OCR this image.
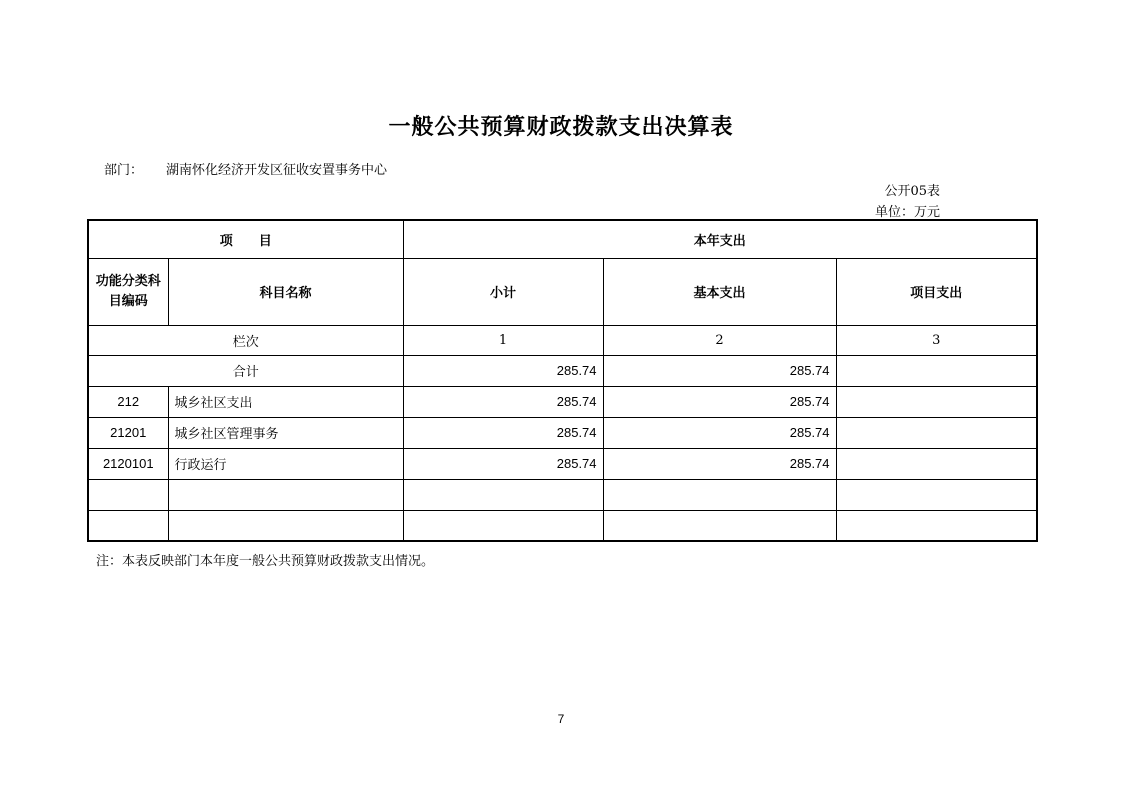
一般公共预算财政拨款支出决算表
部门： 湖南怀化经济开发区征收安置事务中心
公开05表
单位：万元
项　　目		本年支出		
功能分类科目编码	科目名称	小计	基本支出	项目支出
栏次		1	2	3
合计		285.74	285.74	
212	城乡社区支出	285.74	285.74	
21201	城乡社区管理事务	285.74	285.74	
2120101	行政运行	285.74	285.74	

注：本表反映部门本年度一般公共预算财政拨款支出情况。
7
